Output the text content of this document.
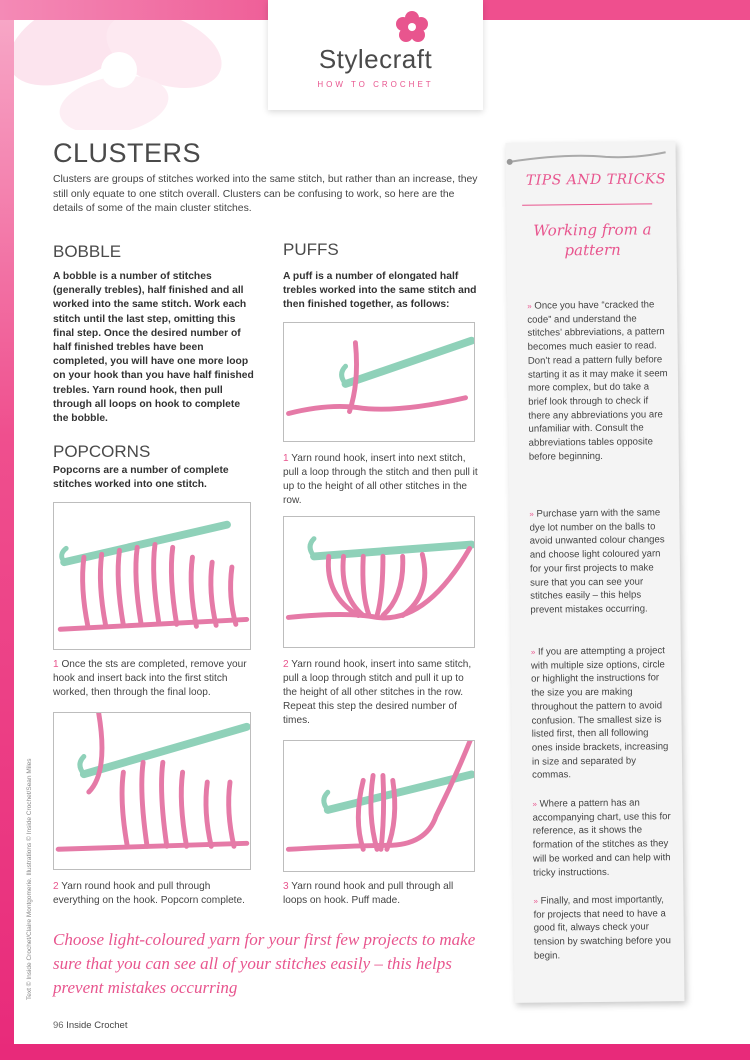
Stylecraft
HOW TO CROCHET
CLUSTERS

Clusters are groups of stitches worked into the same stitch, but rather than an increase, they still only equate to one stitch overall. Clusters can be confusing to work, so here are the details of some of the main cluster stitches.

BOBBLE
A bobble is a number of stitches (generally trebles), half finished and all worked into the same stitch. Work each stitch until the last step, omitting this final step. Once the desired number of half finished trebles have been completed, you will have one more loop on your hook than you have half finished trebles. Yarn round hook, then pull through all loops on hook to complete the bobble.
POPCORNS
Popcorns are a number of complete stitches worked into one stitch.
1 Once the sts are completed, remove your hook and insert back into the first stitch worked, then through the final loop.
2 Yarn round hook and pull through everything on the hook. Popcorn complete.
PUFFS
A puff is a number of elongated half trebles worked into the same stitch and then finished together, as follows:
1 Yarn round hook, insert into next stitch, pull a loop through the stitch and then pull it up to the height of all other stitches in the row.
2 Yarn round hook, insert into same stitch, pull a loop through stitch and pull it up to the height of all other stitches in the row. Repeat this step the desired number of times.
3 Yarn round hook and pull through all loops on hook. Puff made.
Choose light-coloured yarn for your first few projects to make sure that you can see all of your stitches easily – this helps prevent mistakes occurring
96 Inside Crochet
Text © Inside Crochet/Claire Montgomerie. Illustrations © Inside Crochet/Sean Miles
TIPS AND TRICKS
Working from a pattern
» Once you have “cracked the code” and understand the stitches’ abbreviations, a pattern becomes much easier to read. Don’t read a pattern fully before starting it as it may make it seem more complex, but do take a brief look through to check if there any abbreviations you are unfamiliar with. Consult the abbreviations tables opposite before beginning.
» Purchase yarn with the same dye lot number on the balls to avoid unwanted colour changes and choose light coloured yarn for your first projects to make sure that you can see your stitches easily – this helps prevent mistakes occurring.
» If you are attempting a project with multiple size options, circle or highlight the instructions for the size you are making throughout the pattern to avoid confusion. The smallest size is listed first, then all following ones inside brackets, increasing in size and separated by commas.
» Where a pattern has an accompanying chart, use this for reference, as it shows the formation of the stitches as they will be worked and can help with tricky instructions.
» Finally, and most importantly, for projects that need to have a good fit, always check your tension by swatching before you begin.
